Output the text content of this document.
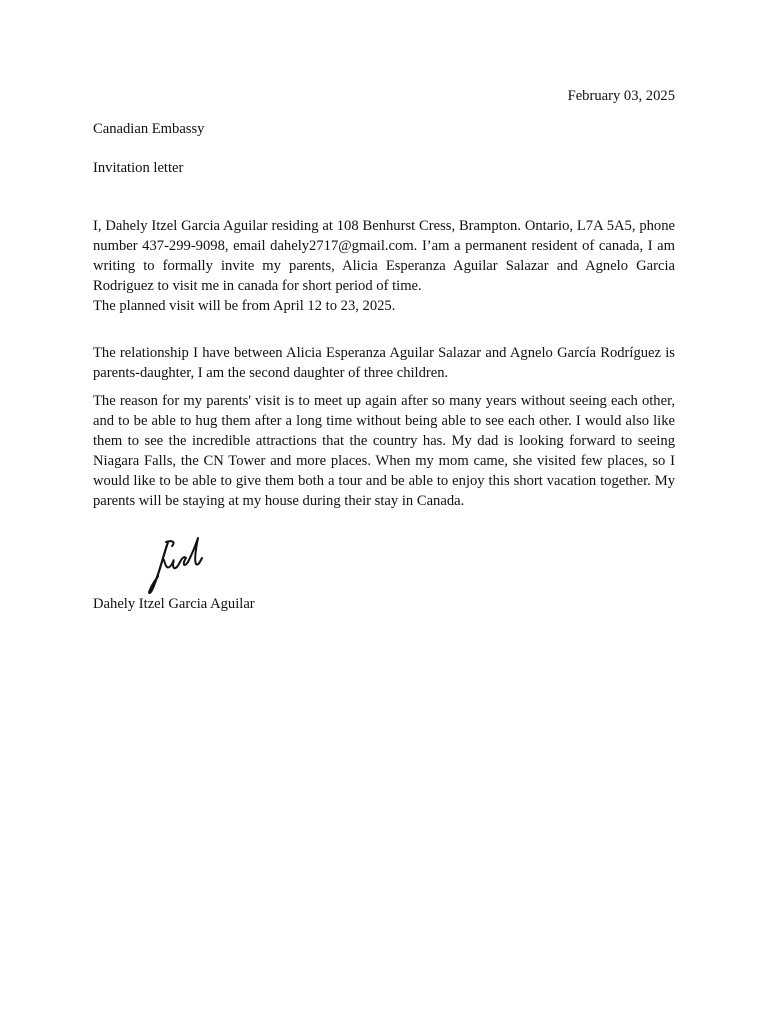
February 03, 2025

Canadian Embassy

Invitation letter

I, Dahely Itzel Garcia Aguilar residing at 108 Benhurst Cress, Brampton. Ontario, L7A 5A5, phone number 437-299-9098, email dahely2717@gmail.com. I’am a permanent resident of canada, I am writing to formally invite my parents, Alicia Esperanza Aguilar Salazar and Agnelo Garcia Rodriguez to visit me in canada for short period of time.
The planned visit will be from April 12 to 23, 2025.

The relationship I have between Alicia Esperanza Aguilar Salazar and Agnelo García Rodríguez is parents-daughter, I am the second daughter of three children.

The reason for my parents' visit is to meet up again after so many years without seeing each other, and to be able to hug them after a long time without being able to see each other. I would also like them to see the incredible attractions that the country has. My dad is looking forward to seeing Niagara Falls, the CN Tower and more places. When my mom came, she visited few places, so I would like to be able to give them both a tour and be able to enjoy this short vacation together. My parents will be staying at my house during their stay in Canada.

Dahely Itzel Garcia Aguilar
